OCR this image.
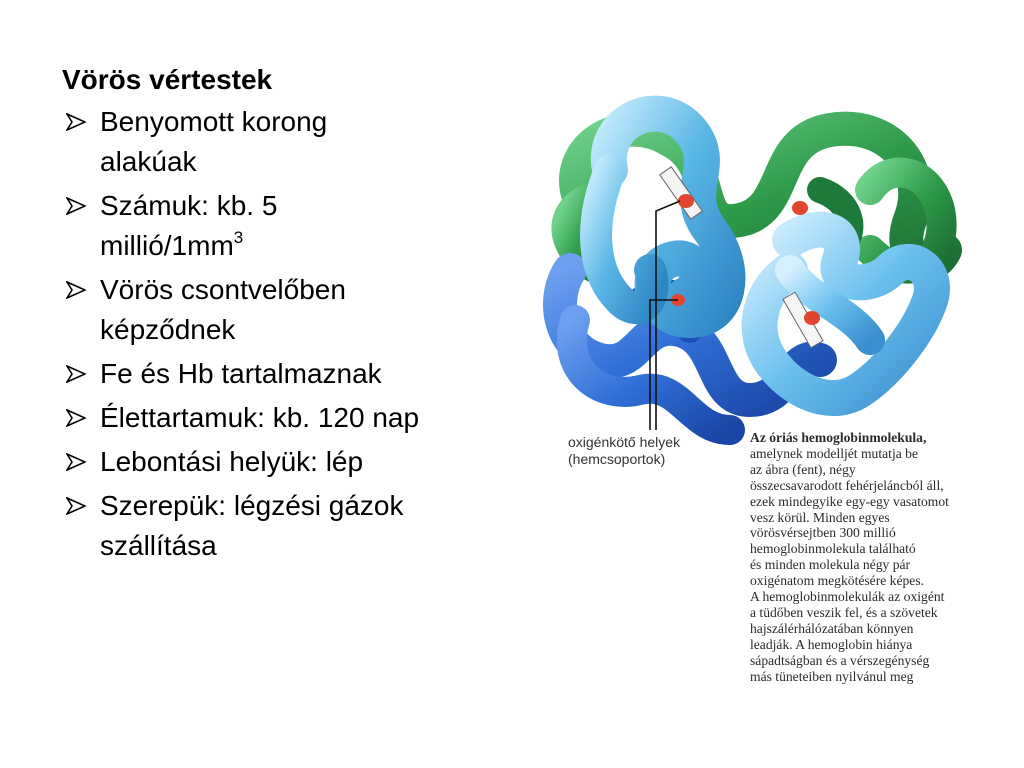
Vörös vértestek
Benyomott korong
alakúak
Számuk: kb. 5
millió/$1mm^3$
Vörös csontvelőben
képződnek
Fe és Hb tartalmaznak
Élettartamuk: kb. 120 nap
Lebontási helyük: lép
Szerepük: légzési gázok
szállítása
oxigénkötő helyek
(hemcsoportok)
Az óriás hemoglobinmolekula,
amelynek modelljét mutatja be
az ábra (fent), négy
összecsavarodott fehérjeláncból áll,
ezek mindegyike egy-egy vasatomot
vesz körül. Minden egyes
vörösvérsejtben 300 millió
hemoglobinmolekula található
és minden molekula négy pár
oxigénatom megkötésére képes.
A hemoglobinmolekulák az oxigént
a tüdőben veszik fel, és a szövetek
hajszálérhálózatában könnyen
leadják. A hemoglobin hiánya
sápadtságban és a vérszegénység
más tüneteiben nyilvánul meg
